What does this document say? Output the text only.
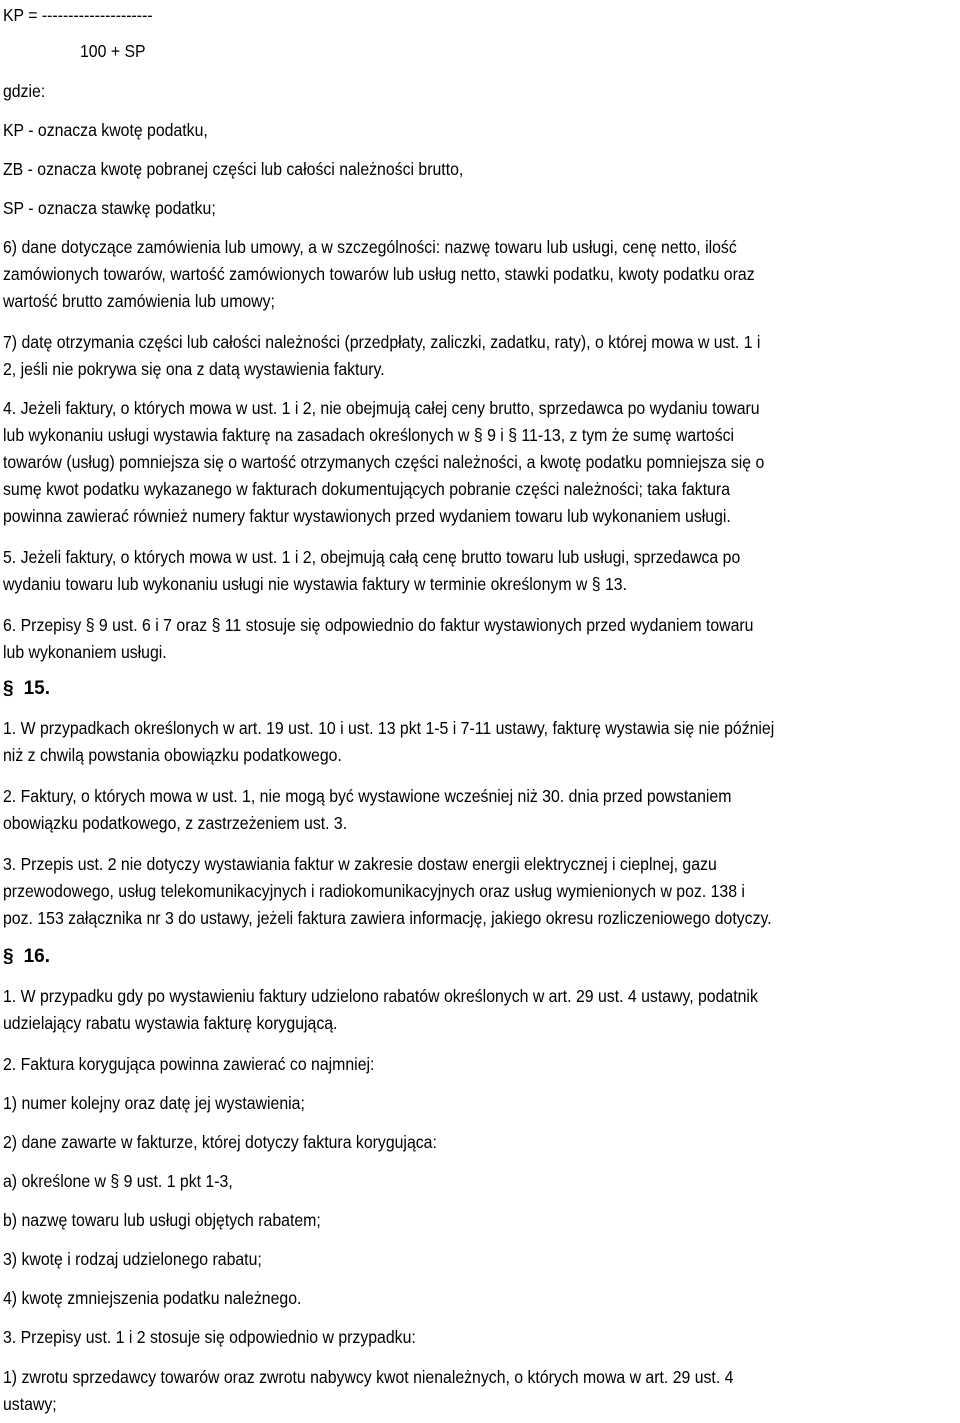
KP = ---------------------

100 + SP

gdzie:

KP - oznacza kwotę podatku,

ZB - oznacza kwotę pobranej części lub całości należności brutto,

SP - oznacza stawkę podatku;

6) dane dotyczące zamówienia lub umowy, a w szczególności: nazwę towaru lub usługi, cenę netto, ilość

zamówionych towarów, wartość zamówionych towarów lub usług netto, stawki podatku, kwoty podatku oraz

wartość brutto zamówienia lub umowy;

7) datę otrzymania części lub całości należności (przedpłaty, zaliczki, zadatku, raty), o której mowa w ust. 1 i

2, jeśli nie pokrywa się ona z datą wystawienia faktury.

4. Jeżeli faktury, o których mowa w ust. 1 i 2, nie obejmują całej ceny brutto, sprzedawca po wydaniu towaru

lub wykonaniu usługi wystawia fakturę na zasadach określonych w § 9 i § 11-13, z tym że sumę wartości

towarów (usług) pomniejsza się o wartość otrzymanych części należności, a kwotę podatku pomniejsza się o

sumę kwot podatku wykazanego w fakturach dokumentujących pobranie części należności; taka faktura

powinna zawierać również numery faktur wystawionych przed wydaniem towaru lub wykonaniem usługi.

5. Jeżeli faktury, o których mowa w ust. 1 i 2, obejmują całą cenę brutto towaru lub usługi, sprzedawca po

wydaniu towaru lub wykonaniu usługi nie wystawia faktury w terminie określonym w § 13.

6. Przepisy § 9 ust. 6 i 7 oraz § 11 stosuje się odpowiednio do faktur wystawionych przed wydaniem towaru

lub wykonaniem usługi.

§ 15.

1. W przypadkach określonych w art. 19 ust. 10 i ust. 13 pkt 1-5 i 7-11 ustawy, fakturę wystawia się nie później

niż z chwilą powstania obowiązku podatkowego.

2. Faktury, o których mowa w ust. 1, nie mogą być wystawione wcześniej niż 30. dnia przed powstaniem

obowiązku podatkowego, z zastrzeżeniem ust. 3.

3. Przepis ust. 2 nie dotyczy wystawiania faktur w zakresie dostaw energii elektrycznej i cieplnej, gazu

przewodowego, usług telekomunikacyjnych i radiokomunikacyjnych oraz usług wymienionych w poz. 138 i

poz. 153 załącznika nr 3 do ustawy, jeżeli faktura zawiera informację, jakiego okresu rozliczeniowego dotyczy.

§ 16.

1. W przypadku gdy po wystawieniu faktury udzielono rabatów określonych w art. 29 ust. 4 ustawy, podatnik

udzielający rabatu wystawia fakturę korygującą.

2. Faktura korygująca powinna zawierać co najmniej:

1) numer kolejny oraz datę jej wystawienia;

2) dane zawarte w fakturze, której dotyczy faktura korygująca:

a) określone w § 9 ust. 1 pkt 1-3,

b) nazwę towaru lub usługi objętych rabatem;

3) kwotę i rodzaj udzielonego rabatu;

4) kwotę zmniejszenia podatku należnego.

3. Przepisy ust. 1 i 2 stosuje się odpowiednio w przypadku:

1) zwrotu sprzedawcy towarów oraz zwrotu nabywcy kwot nienależnych, o których mowa w art. 29 ust. 4

ustawy;
